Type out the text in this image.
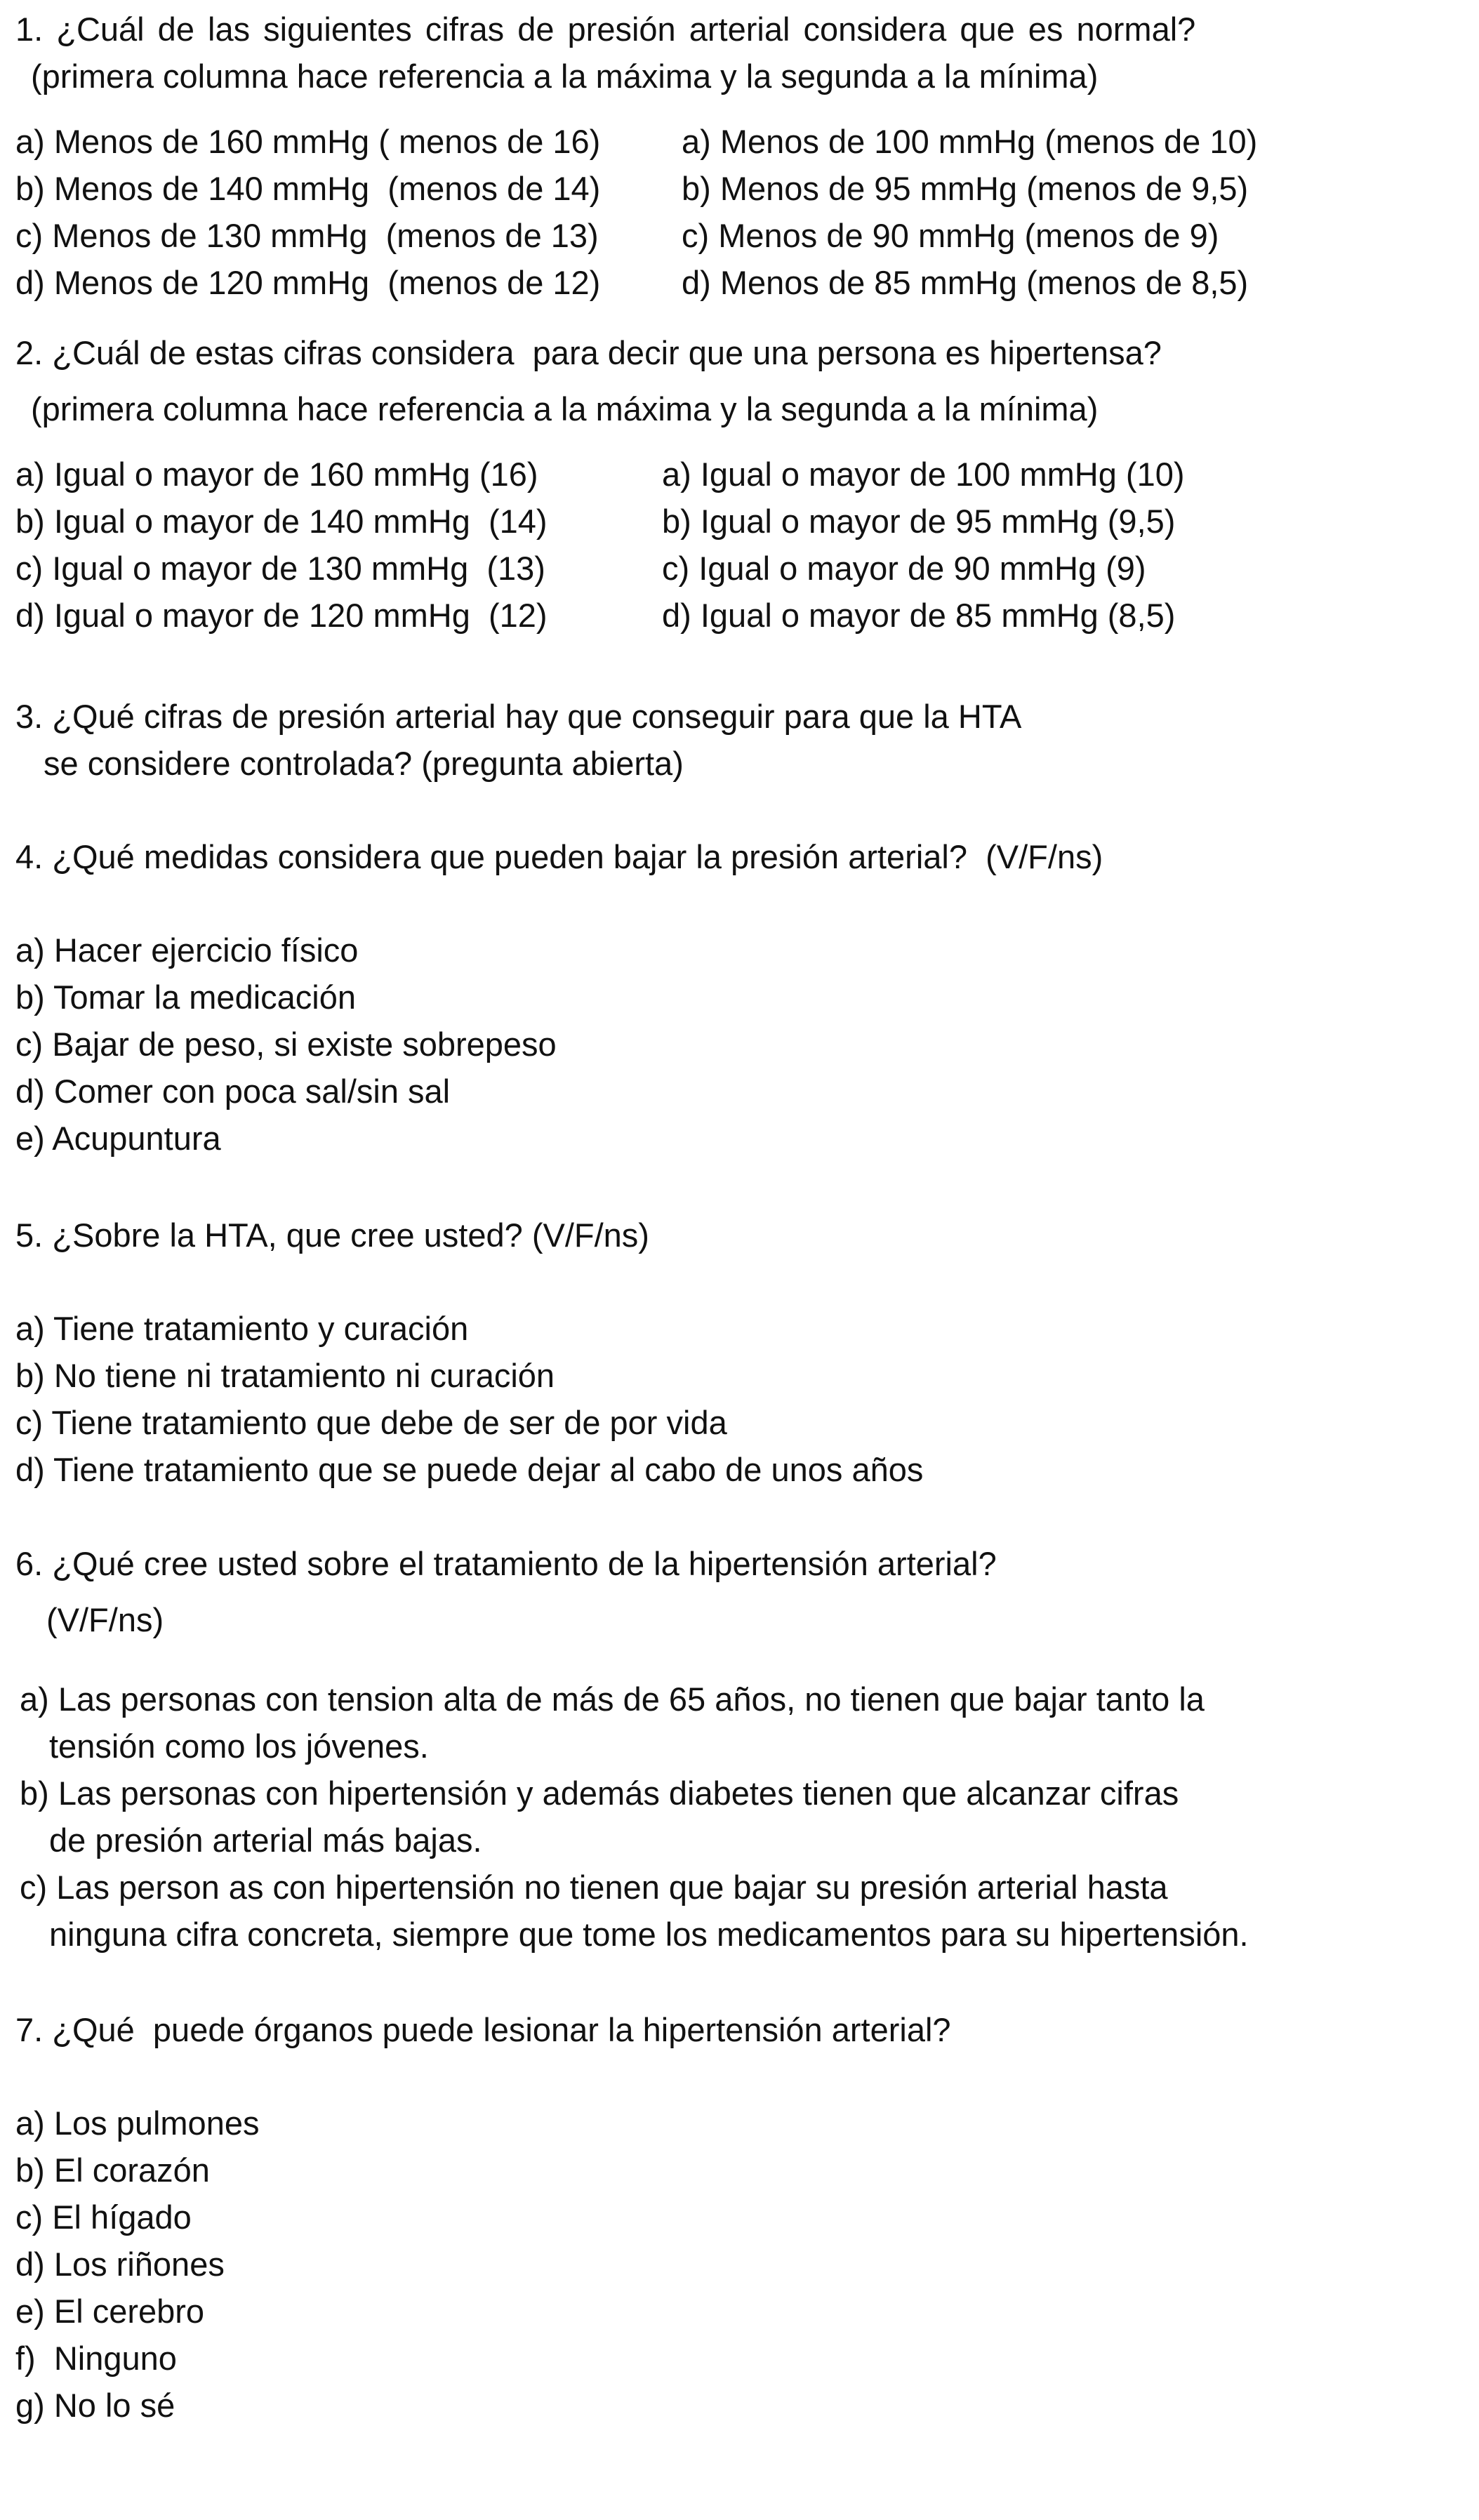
1. ¿Cuál de las siguientes cifras de presión arterial considera que es normal?

(primera columna hace referencia a la máxima y la segunda a la mínima)

a) Menos de 160 mmHg ( menos de 16)

b) Menos de 140 mmHg  (menos de 14)

c) Menos de 130 mmHg  (menos de 13)

d) Menos de 120 mmHg  (menos de 12)

a) Menos de 100 mmHg (menos de 10)

b) Menos de 95 mmHg (menos de 9,5)

c) Menos de 90 mmHg (menos de 9)

d) Menos de 85 mmHg (menos de 8,5)

2. ¿Cuál de estas cifras considera  para decir que una persona es hipertensa?

(primera columna hace referencia a la máxima y la segunda a la mínima)

a) Igual o mayor de 160 mmHg (16)

b) Igual o mayor de 140 mmHg  (14)

c) Igual o mayor de 130 mmHg  (13)

d) Igual o mayor de 120 mmHg  (12)

a) Igual o mayor de 100 mmHg (10)

b) Igual o mayor de 95 mmHg (9,5)

c) Igual o mayor de 90 mmHg (9)

d) Igual o mayor de 85 mmHg (8,5)

3. ¿Qué cifras de presión arterial hay que conseguir para que la HTA

se considere controlada? (pregunta abierta)

4. ¿Qué medidas considera que pueden bajar la presión arterial?  (V/F/ns)

a) Hacer ejercicio físico

b) Tomar la medicación

c) Bajar de peso, si existe sobrepeso

d) Comer con poca sal/sin sal

e) Acupuntura

5. ¿Sobre la HTA, que cree usted? (V/F/ns)

a) Tiene tratamiento y curación

b) No tiene ni tratamiento ni curación

c) Tiene tratamiento que debe de ser de por vida

d) Tiene tratamiento que se puede dejar al cabo de unos años

6. ¿Qué cree usted sobre el tratamiento de la hipertensión arterial?

(V/F/ns)

a) Las personas con tension alta de más de 65 años, no tienen que bajar tanto la

tensión como los jóvenes.

b) Las personas con hipertensión y además diabetes tienen que alcanzar cifras

de presión arterial más bajas.

c) Las person as con hipertensión no tienen que bajar su presión arterial hasta

ninguna cifra concreta, siempre que tome los medicamentos para su hipertensión.

7. ¿Qué  puede órganos puede lesionar la hipertensión arterial?

a) Los pulmones

b) El corazón

c) El hígado

d) Los riñones

e) El cerebro

f)  Ninguno

g) No lo sé
